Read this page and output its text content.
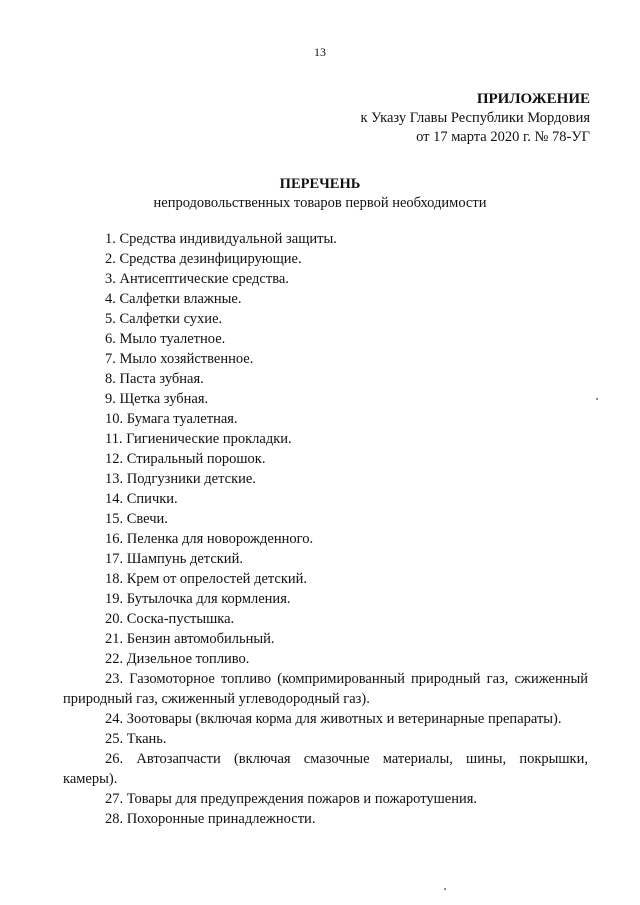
13
ПРИЛОЖЕНИЕ
к Указу Главы Республики Мордовия
от 17 марта 2020 г. № 78-УГ
ПЕРЕЧЕНЬ
непродовольственных товаров первой необходимости
1. Средства индивидуальной защиты.
2. Средства дезинфицирующие.
3. Антисептические средства.
4. Салфетки влажные.
5. Салфетки сухие.
6. Мыло туалетное.
7. Мыло хозяйственное.
8. Паста зубная.
9. Щетка зубная.
10. Бумага туалетная.
11. Гигиенические прокладки.
12. Стиральный порошок.
13. Подгузники детские.
14. Спички.
15. Свечи.
16. Пеленка для новорожденного.
17. Шампунь детский.
18. Крем от опрелостей детский.
19. Бутылочка для кормления.
20. Соска-пустышка.
21. Бензин автомобильный.
22. Дизельное топливо.
23. Газомоторное топливо (компримированный природный газ, сжиженный природный газ, сжиженный углеводородный газ).
24. Зоотовары (включая корма для животных и ветеринарные препараты).
25. Ткань.
26. Автозапчасти (включая смазочные материалы, шины, покрышки, камеры).
27. Товары для предупреждения пожаров и пожаротушения.
28. Похоронные принадлежности.
